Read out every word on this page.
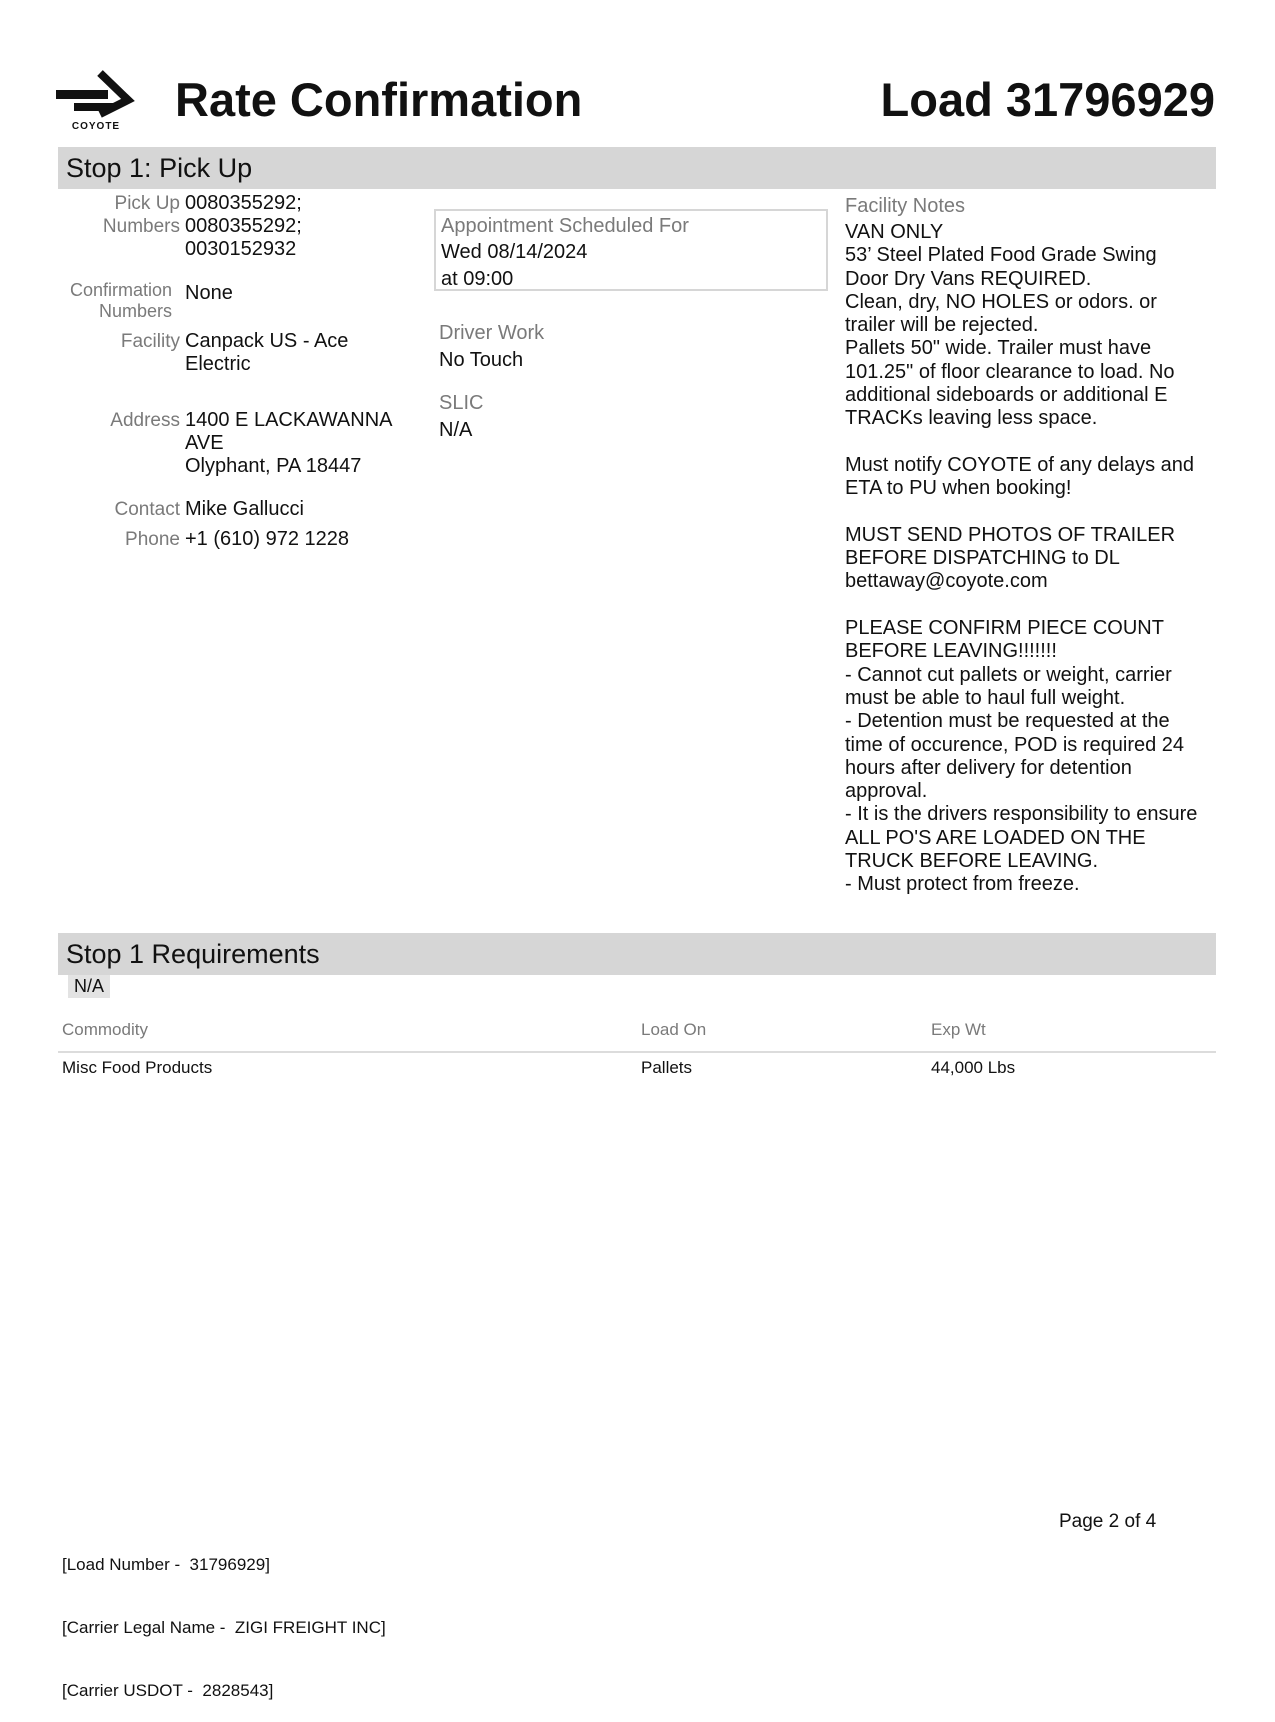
COYOTE
Rate Confirmation	Load 31796929
Stop 1: Pick Up
Pick Up Numbers
0080355292;
0080355292;
0030152932
Confirmation Numbers
None
Facility Canpack US - Ace Electric
Address 1400 E LACKAWANNA AVE
Olyphant, PA 18447
Contact Mike Gallucci
Phone +1 (610) 972 1228
Appointment Scheduled For
Wed 08/14/2024
at 09:00
Driver Work
No Touch
SLIC
N/A
Facility Notes
VAN ONLY
53’ Steel Plated Food Grade Swing
Door Dry Vans REQUIRED.
Clean, dry, NO HOLES or odors. or
trailer will be rejected.
Pallets 50" wide. Trailer must have
101.25" of floor clearance to load. No
additional sideboards or additional E
TRACKs leaving less space.
Must notify COYOTE of any delays and
ETA to PU when booking!
MUST SEND PHOTOS OF TRAILER
BEFORE DISPATCHING to DL
bettaway@coyote.com
PLEASE CONFIRM PIECE COUNT
BEFORE LEAVING!!!!!!!
- Cannot cut pallets or weight, carrier
must be able to haul full weight.
- Detention must be requested at the
time of occurence, POD is required 24
hours after delivery for detention
approval.
- It is the drivers responsibility to ensure
ALL PO'S ARE LOADED ON THE
TRUCK BEFORE LEAVING.
- Must protect from freeze.
Stop 1 Requirements
N/A
Commodity	Load On	Exp Wt
Misc Food Products	Pallets	44,000 Lbs

[Load Number -  31796929]

[Carrier Legal Name -  ZIGI FREIGHT INC]

[Carrier USDOT -  2828543]

Page 2 of 4
